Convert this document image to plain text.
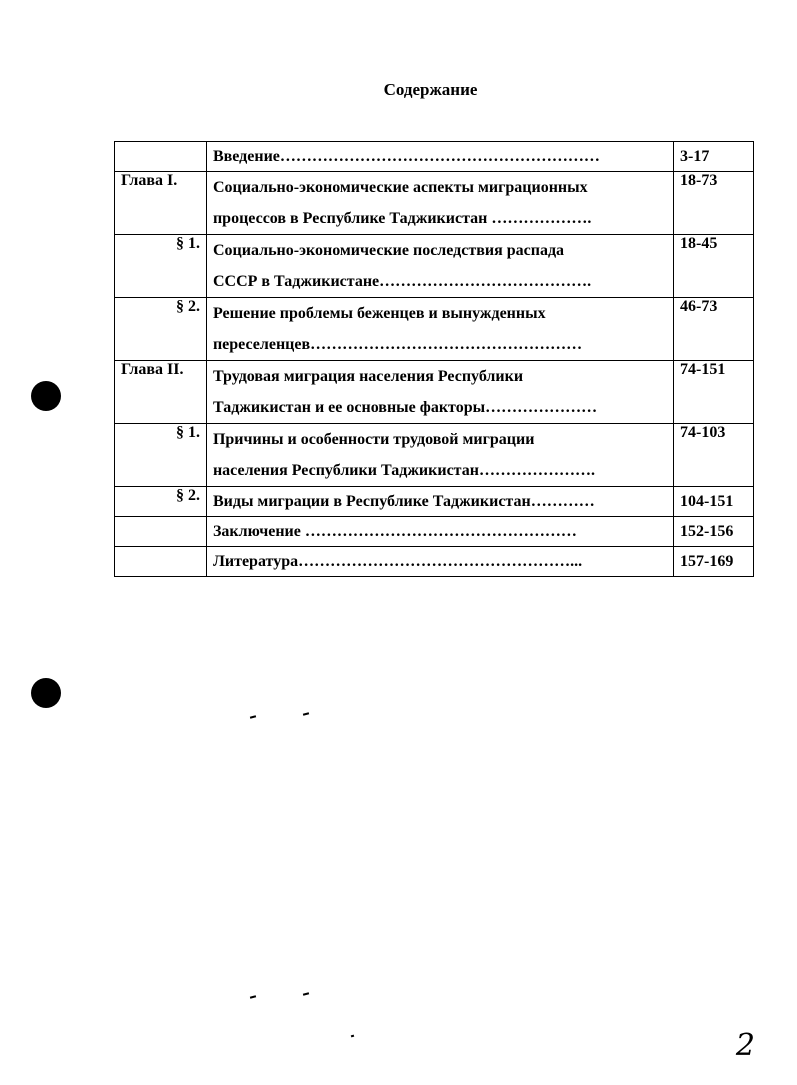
Содержание

	Введение……………………………………………………	3-17
Глава I.	Социально-экономические аспекты миграционных
процессов в Республике Таджикистан ……………….	18-73
§ 1.	Социально-экономические последствия распада
СССР в Таджикистане………………………………….	18-45
§ 2.	Решение проблемы беженцев и вынужденных
переселенцев……………………………………………	46-73
Глава II.	Трудовая миграция населения Республики
Таджикистан и ее основные факторы…………………	74-151
§ 1.	Причины и особенности трудовой миграции
населения Республики Таджикистан………………….	74-103
§ 2.	Виды миграции в Республике Таджикистан…………	104-151

	Заключение ……………………………………………	152-156

	Литература……………………………………………...	157-169
2
